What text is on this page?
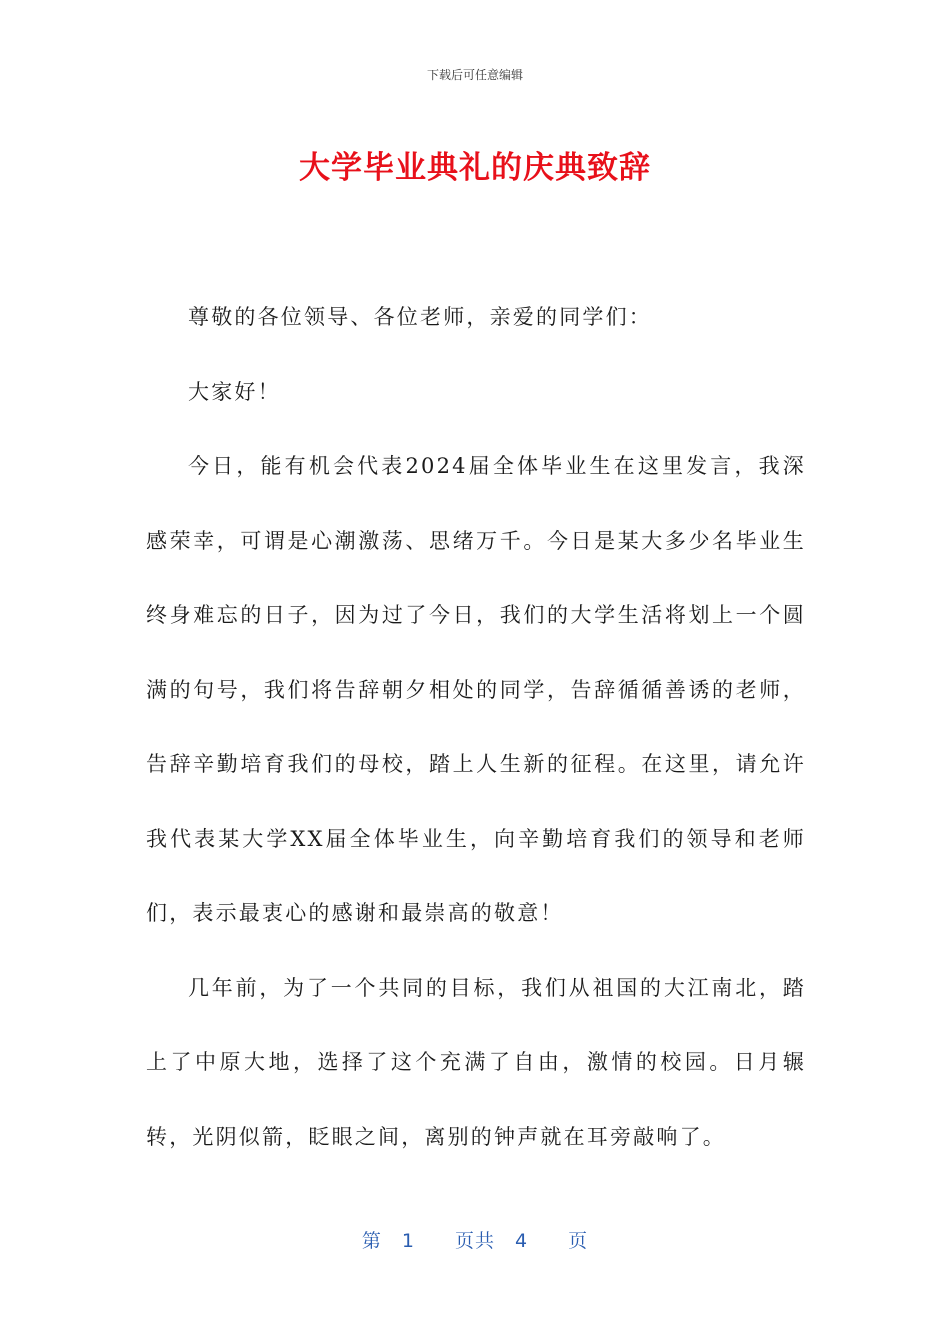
下载后可任意编辑
大学毕业典礼的庆典致辞

尊敬的各位领导、各位老师，亲爱的同学们：

大家好！

今日，能有机会代表2024届全体毕业生在这里发言，我深感荣幸，可谓是心潮激荡、思绪万千。今日是某大多少名毕业生终身难忘的日子，因为过了今日，我们的大学生活将划上一个圆满的句号，我们将告辞朝夕相处的同学，告辞循循善诱的老师，告辞辛勤培育我们的母校，踏上人生新的征程。在这里，请允许我代表某大学XX届全体毕业生，向辛勤培育我们的领导和老师们，表示最衷心的感谢和最崇高的敬意！

几年前，为了一个共同的目标，我们从祖国的大江南北，踏上了中原大地，选择了这个充满了自由，激情的校园。日月辗转，光阴似箭，眨眼之间，离别的钟声就在耳旁敲响了。

第　1　　页共　4　　页
